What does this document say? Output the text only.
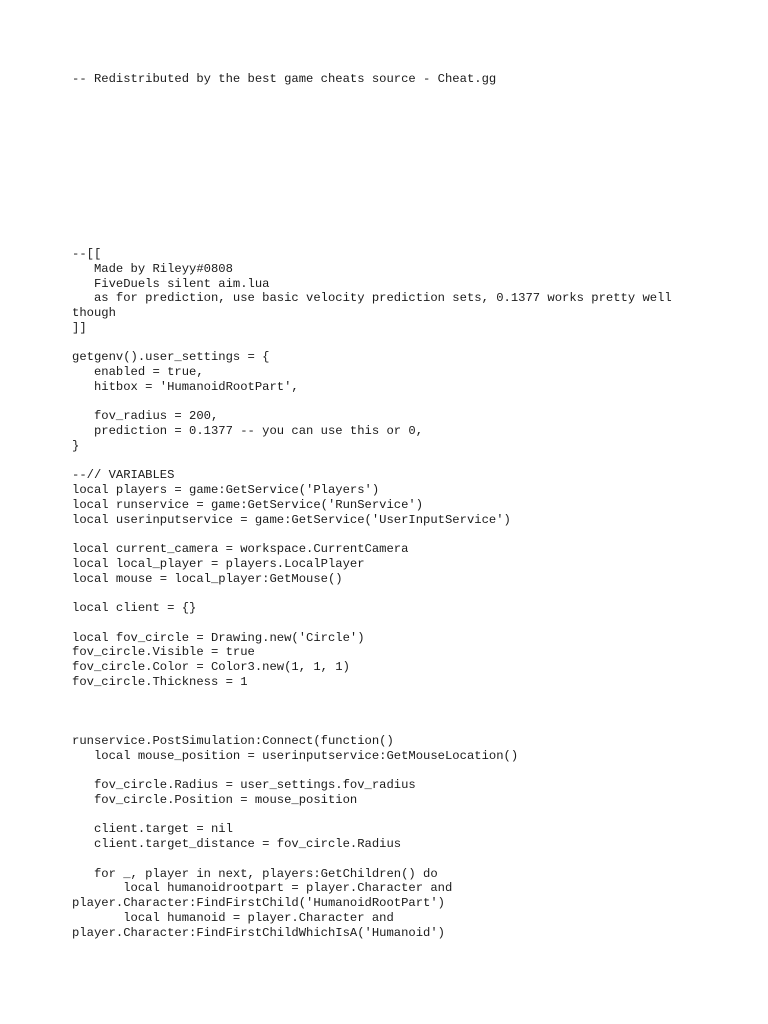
-- Redistributed by the best game cheats source - Cheat.gg
--[[
Made by Rileyy#0808
FiveDuels silent aim.lua
as for prediction, use basic velocity prediction sets, 0.1377 works pretty well
though
]]
getgenv().user_settings = {
enabled = true,
hitbox = 'HumanoidRootPart',
fov_radius = 200,
prediction = 0.1377 -- you can use this or 0,
}
--// VARIABLES
local players = game:GetService('Players')
local runservice = game:GetService('RunService')
local userinputservice = game:GetService('UserInputService')
local current_camera = workspace.CurrentCamera
local local_player = players.LocalPlayer
local mouse = local_player:GetMouse()
local client = {}
local fov_circle = Drawing.new('Circle')
fov_circle.Visible = true
fov_circle.Color = Color3.new(1, 1, 1)
fov_circle.Thickness = 1
runservice.PostSimulation:Connect(function()
local mouse_position = userinputservice:GetMouseLocation()
fov_circle.Radius = user_settings.fov_radius
fov_circle.Position = mouse_position
client.target = nil
client.target_distance = fov_circle.Radius
for _, player in next, players:GetChildren() do
local humanoidrootpart = player.Character and
player.Character:FindFirstChild('HumanoidRootPart')
local humanoid = player.Character and
player.Character:FindFirstChildWhichIsA('Humanoid')
